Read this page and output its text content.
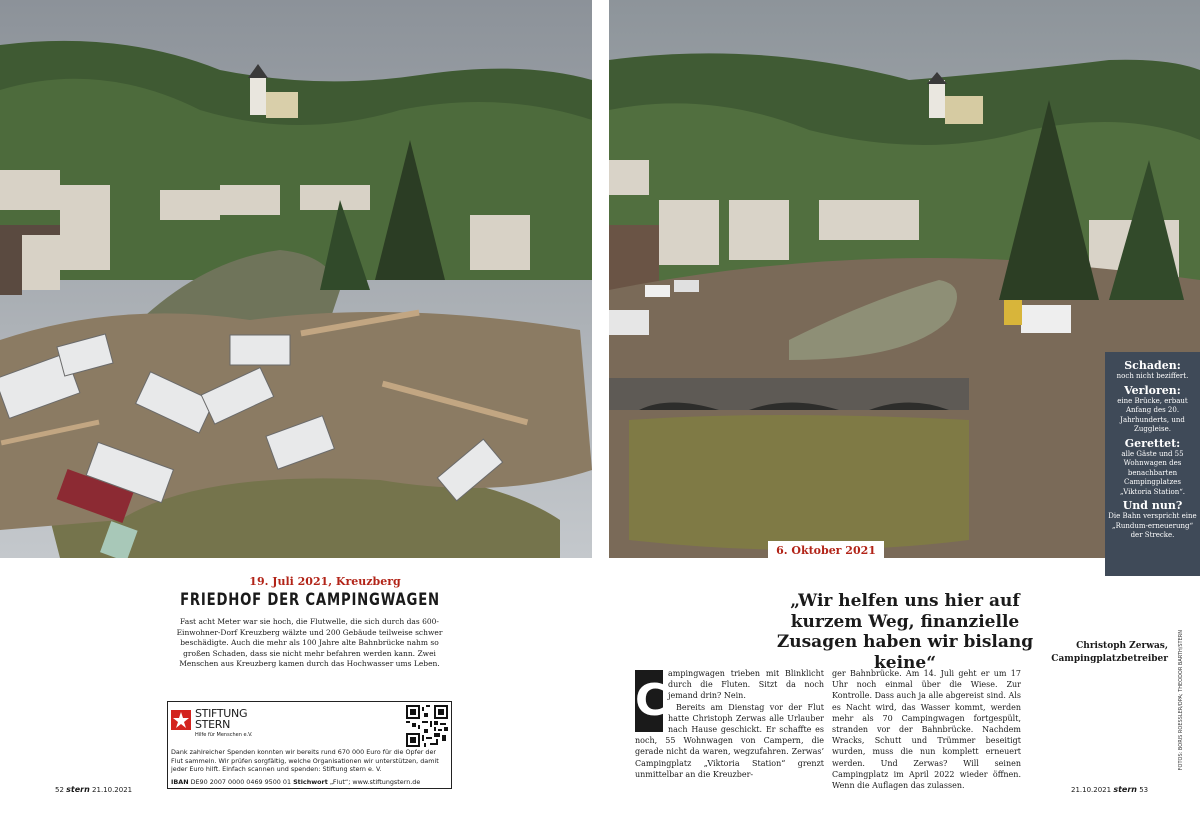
Schaden:
noch nicht beziffert.
Verloren:
eine Brücke, erbaut Anfang des 20. Jahrhunderts, und Zuggleise.
Gerettet:
alle Gäste und 55 Wohnwagen des benachbarten Campingplatzes „Viktoria Station“.
Und nun?
Die Bahn verspricht eine „Rundum-erneuerung“ der Strecke.
6. Oktober 2021
19. Juli 2021, Kreuzberg
FRIEDHOF DER CAMPINGWAGEN
Fast acht Meter war sie hoch, die Flutwelle, die sich durch das 600-Einwohner-Dorf Kreuzberg wälzte und 200 Gebäude teilweise schwer beschädigte. Auch die mehr als 100 Jahre alte Bahnbrücke nahm so großen Schaden, dass sie nicht mehr befahren werden kann. Zwei Menschen aus Kreuzberg kamen durch das Hochwasser ums Leben.
STIFTUNG STERN
Hilfe für Menschen e.V.
Dank zahlreicher Spenden konnten wir bereits rund 670 000 Euro für die Opfer der Flut sammeln. Wir prüfen sorgfältig, welche Organisationen wir unterstützen, damit jeder Euro hilft. Einfach scannen und spenden: Stiftung stern e. V.
IBAN DE90 2007 0000 0469 9500 01 Stichwort „Flut“; www.stiftungstern.de
52 stern 21.10.2021
„Wir helfen uns hier auf kurzem Weg, finanzielle Zusagen haben wir bislang keine“
Christoph Zerwas,
Campingplatzbetreiber
C

ampingwagen trieben mit Blinklicht durch die Fluten. Sitzt da noch jemand drin? Nein.

Bereits am Dienstag vor der Flut hatte Christoph Zerwas alle Urlauber nach Hause geschickt. Er schaffte es noch, 55 Wohnwagen von Campern, die gerade nicht da waren, wegzufahren. Zerwas’ Campingplatz „Viktoria Station“ grenzt unmittelbar an die Kreuzber-

ger Bahnbrücke. Am 14. Juli geht er um 17 Uhr noch einmal über die Wiese. Zur Kontrolle. Dass auch ja alle abgereist sind. Als es Nacht wird, das Wasser kommt, werden mehr als 70 Campingwagen fortgespült, stranden vor der Bahnbrücke. Nachdem Wracks, Schutt und Trümmer beseitigt wurden, muss die nun komplett erneuert werden. Und Zerwas? Will seinen Campingplatz im April 2022 wieder öffnen. Wenn die Auflagen das zulassen.

FOTOS: BORIS ROESSLER/DPA; THEODOR BARTH/STERN
21.10.2021 stern 53
